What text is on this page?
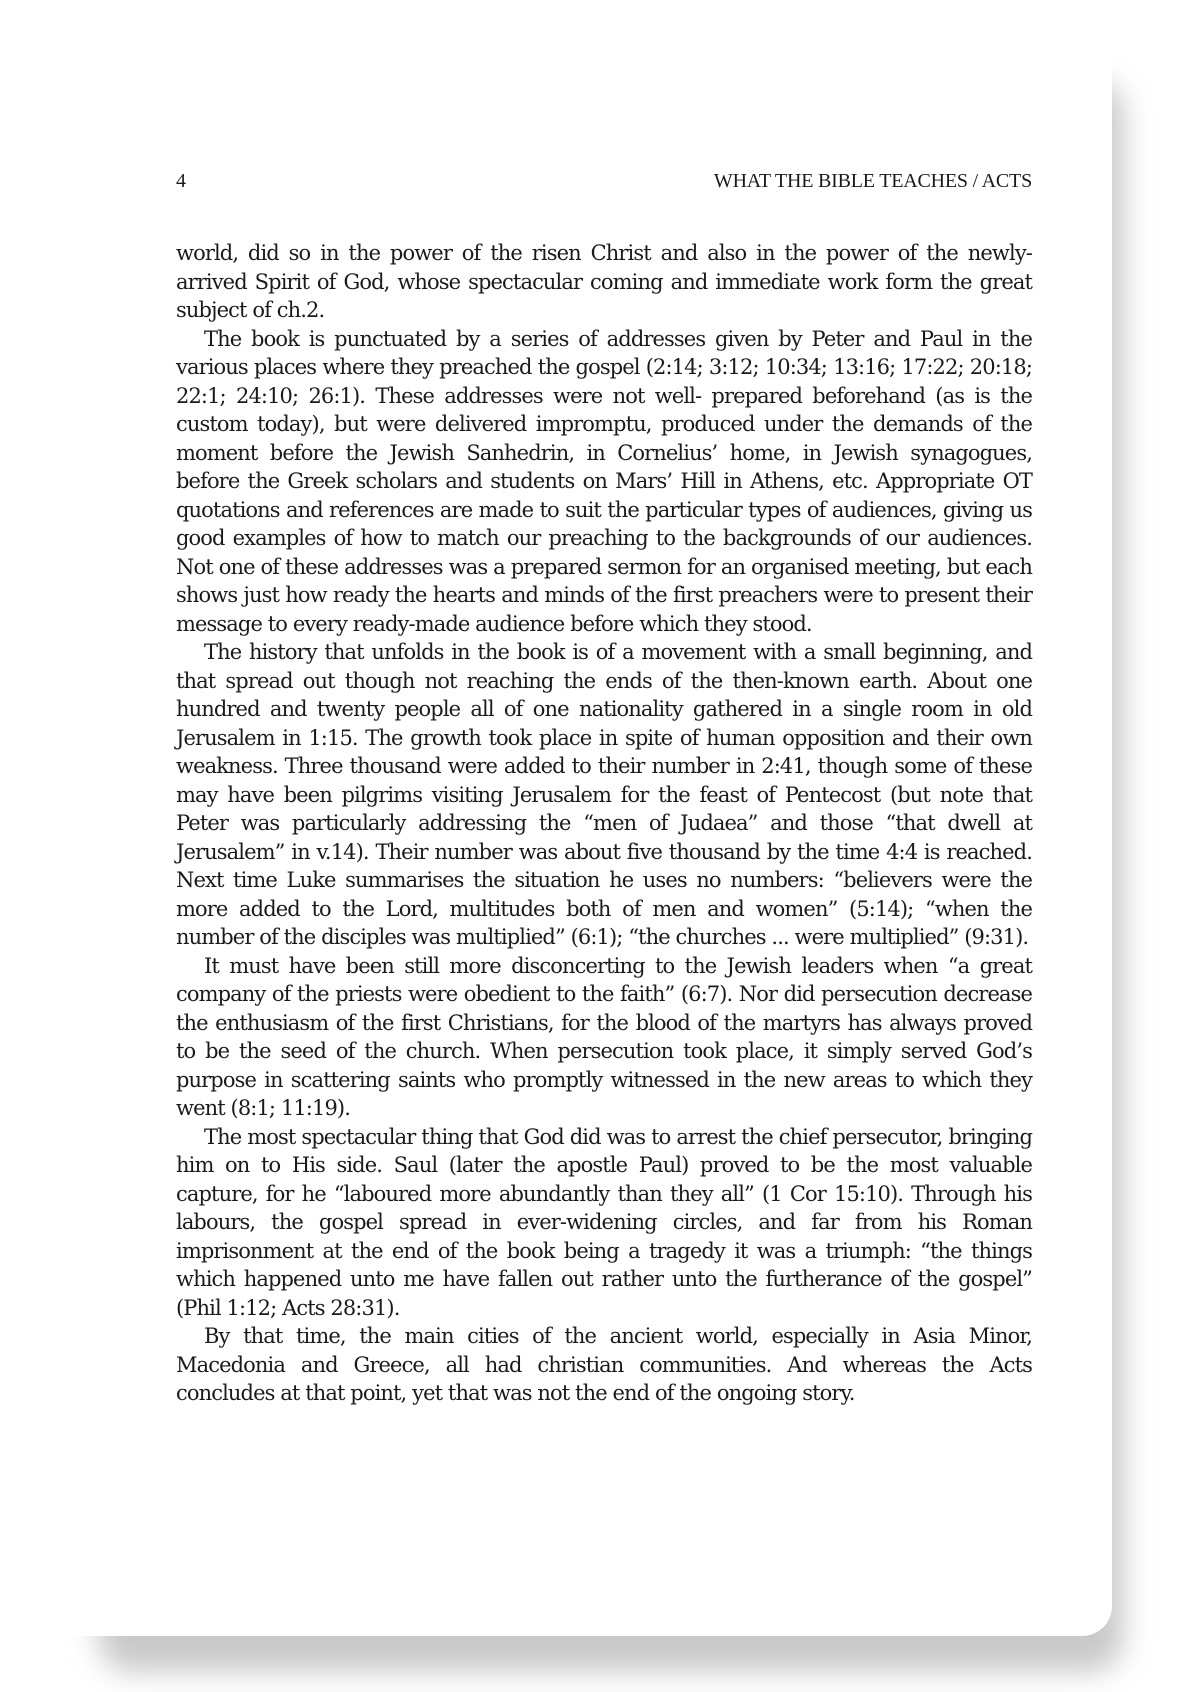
4	WHAT THE BIBLE TEACHES / ACTS

world, did so in the power of the risen Christ and also in the power of the newly-arrived Spirit of God, whose spectacular coming and immediate work form the great subject of ch.2.

The book is punctuated by a series of addresses given by Peter and Paul in the various places where they preached the gospel (2:14; 3:12; 10:34; 13:16; 17:22; 20:18; 22:1; 24:10; 26:1). These addresses were not well- prepared beforehand (as is the custom today), but were delivered impromptu, produced under the demands of the moment before the Jewish Sanhedrin, in Cornelius’ home, in Jewish synagogues, before the Greek scholars and students on Mars’ Hill in Athens, etc. Appropriate OT quotations and references are made to suit the particular types of audiences, giving us good examples of how to match our preaching to the backgrounds of our audiences. Not one of these addresses was a prepared sermon for an organised meeting, but each shows just how ready the hearts and minds of the first preachers were to present their message to every ready-made audience before which they stood.

The history that unfolds in the book is of a movement with a small beginning, and that spread out though not reaching the ends of the then-known earth. About one hundred and twenty people all of one nationality gathered in a single room in old Jerusalem in 1:15. The growth took place in spite of human opposition and their own weakness. Three thousand were added to their number in 2:41, though some of these may have been pilgrims visiting Jerusalem for the feast of Pentecost (but note that Peter was particularly addressing the “men of Judaea” and those “that dwell at Jerusalem” in v.14). Their number was about five thousand by the time 4:4 is reached. Next time Luke summarises the situation he uses no numbers: “believers were the more added to the Lord, multitudes both of men and women” (5:14); “when the number of the disciples was multiplied” (6:1); “the churches ... were multiplied” (9:31).

It must have been still more disconcerting to the Jewish leaders when “a great company of the priests were obedient to the faith” (6:7). Nor did persecution decrease the enthusiasm of the first Christians, for the blood of the martyrs has always proved to be the seed of the church. When persecution took place, it simply served God’s purpose in scattering saints who promptly witnessed in the new areas to which they went (8:1; 11:19).

The most spectacular thing that God did was to arrest the chief persecutor, bringing him on to His side. Saul (later the apostle Paul) proved to be the most valuable capture, for he “laboured more abundantly than they all” (1 Cor 15:10). Through his labours, the gospel spread in ever-widening circles, and far from his Roman imprisonment at the end of the book being a tragedy it was a triumph: “the things which happened unto me have fallen out rather unto the furtherance of the gospel” (Phil 1:12; Acts 28:31).

By that time, the main cities of the ancient world, especially in Asia Minor, Macedonia and Greece, all had christian communities. And whereas the Acts concludes at that point, yet that was not the end of the ongoing story.
